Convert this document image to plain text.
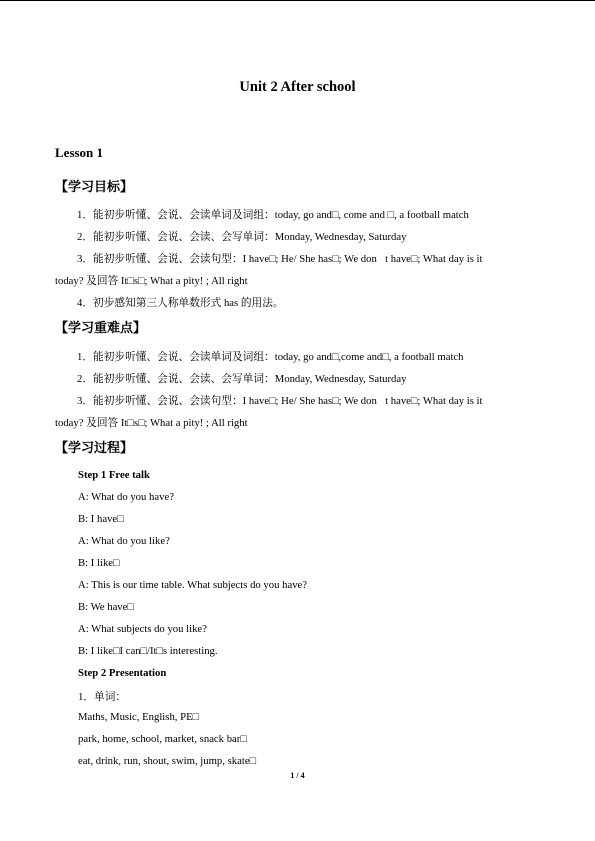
Unit 2 After school
Lesson 1
【学习目标】
1．能初步听懂、会说、会读单词及词组：today, go and□, come and □, a football match
2．能初步听懂、会说、会读、会写单词：Monday, Wednesday, Saturday
3．能初步听懂、会说、会读句型：I have□; He/ She has□; We don t have□; What day is it
today? 及回答 It□s□; What a pity! ; All right
4．初步感知第三人称单数形式 has 的用法。
【学习重难点】
1．能初步听懂、会说、会读单词及词组：today, go and□,come and□, a football match
2．能初步听懂、会说、会读、会写单词：Monday, Wednesday, Saturday
3．能初步听懂、会说、会读句型：I have□; He/ She has□; We don t have□; What day is it
today? 及回答 It□s□; What a pity! ; All right
【学习过程】
Step 1 Free talk
A: What do you have?
B: I have□
A: What do you like?
B: I like□
A: This is our time table. What subjects do you have?
B: We have□
A: What subjects do you like?
B: I like□I can□/It□s interesting.
Step 2 Presentation
1．单词：
Maths, Music, English, PE□
park, home, school, market, snack bar□
eat, drink, run, shout, swim, jump, skate□
1 / 4
